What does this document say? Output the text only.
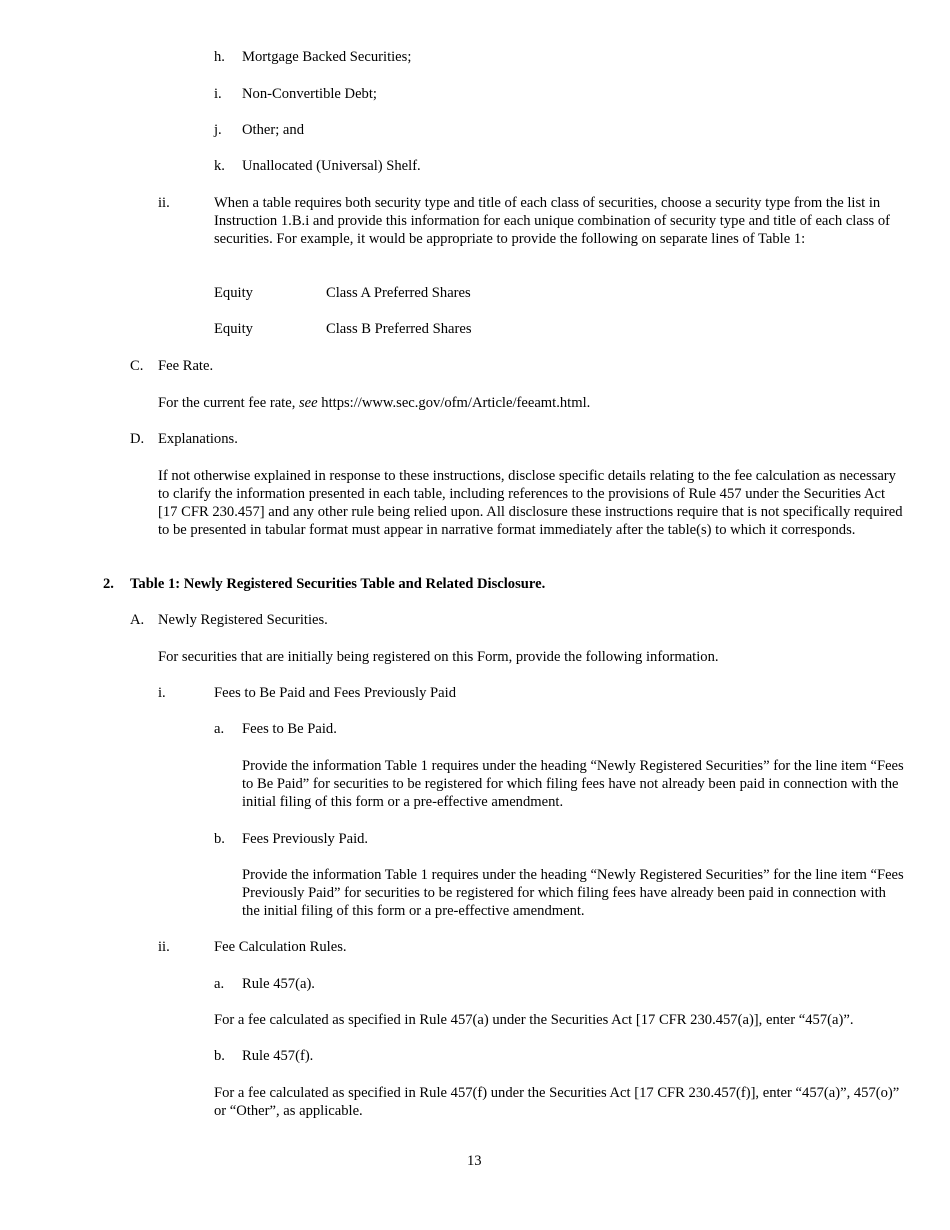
h. Mortgage Backed Securities;
i. Non-Convertible Debt;
j. Other; and
k. Unallocated (Universal) Shelf.
ii.	When a table requires both security type and title of each class of securities, choose a security type from the list in Instruction 1.B.i and provide this information for each unique combination of security type and title of each class of securities. For example, it would be appropriate to provide the following on separate lines of Table 1:
Equity	Class A Preferred Shares
Equity	Class B Preferred Shares
C. Fee Rate.
For the current fee rate, see https://www.sec.gov/ofm/Article/feeamt.html.
D. Explanations.
If not otherwise explained in response to these instructions, disclose specific details relating to the fee calculation as necessary to clarify the information presented in each table, including references to the provisions of Rule 457 under the Securities Act [17 CFR 230.457] and any other rule being relied upon. All disclosure these instructions require that is not specifically required to be presented in tabular format must appear in narrative format immediately after the table(s) to which it corresponds.
2. Table 1: Newly Registered Securities Table and Related Disclosure.
A. Newly Registered Securities.
For securities that are initially being registered on this Form, provide the following information.
i.	Fees to Be Paid and Fees Previously Paid
a. Fees to Be Paid.
Provide the information Table 1 requires under the heading “Newly Registered Securities” for the line item “Fees to Be Paid” for securities to be registered for which filing fees have not already been paid in connection with the initial filing of this form or a pre-effective amendment.
b. Fees Previously Paid.
Provide the information Table 1 requires under the heading “Newly Registered Securities” for the line item “Fees Previously Paid” for securities to be registered for which filing fees have already been paid in connection with the initial filing of this form or a pre-effective amendment.
ii.	Fee Calculation Rules.
a. Rule 457(a).
For a fee calculated as specified in Rule 457(a) under the Securities Act [17 CFR 230.457(a)], enter “457(a)”.
b. Rule 457(f).
For a fee calculated as specified in Rule 457(f) under the Securities Act [17 CFR 230.457(f)], enter “457(a)”, 457(o)” or “Other”, as applicable.
13
